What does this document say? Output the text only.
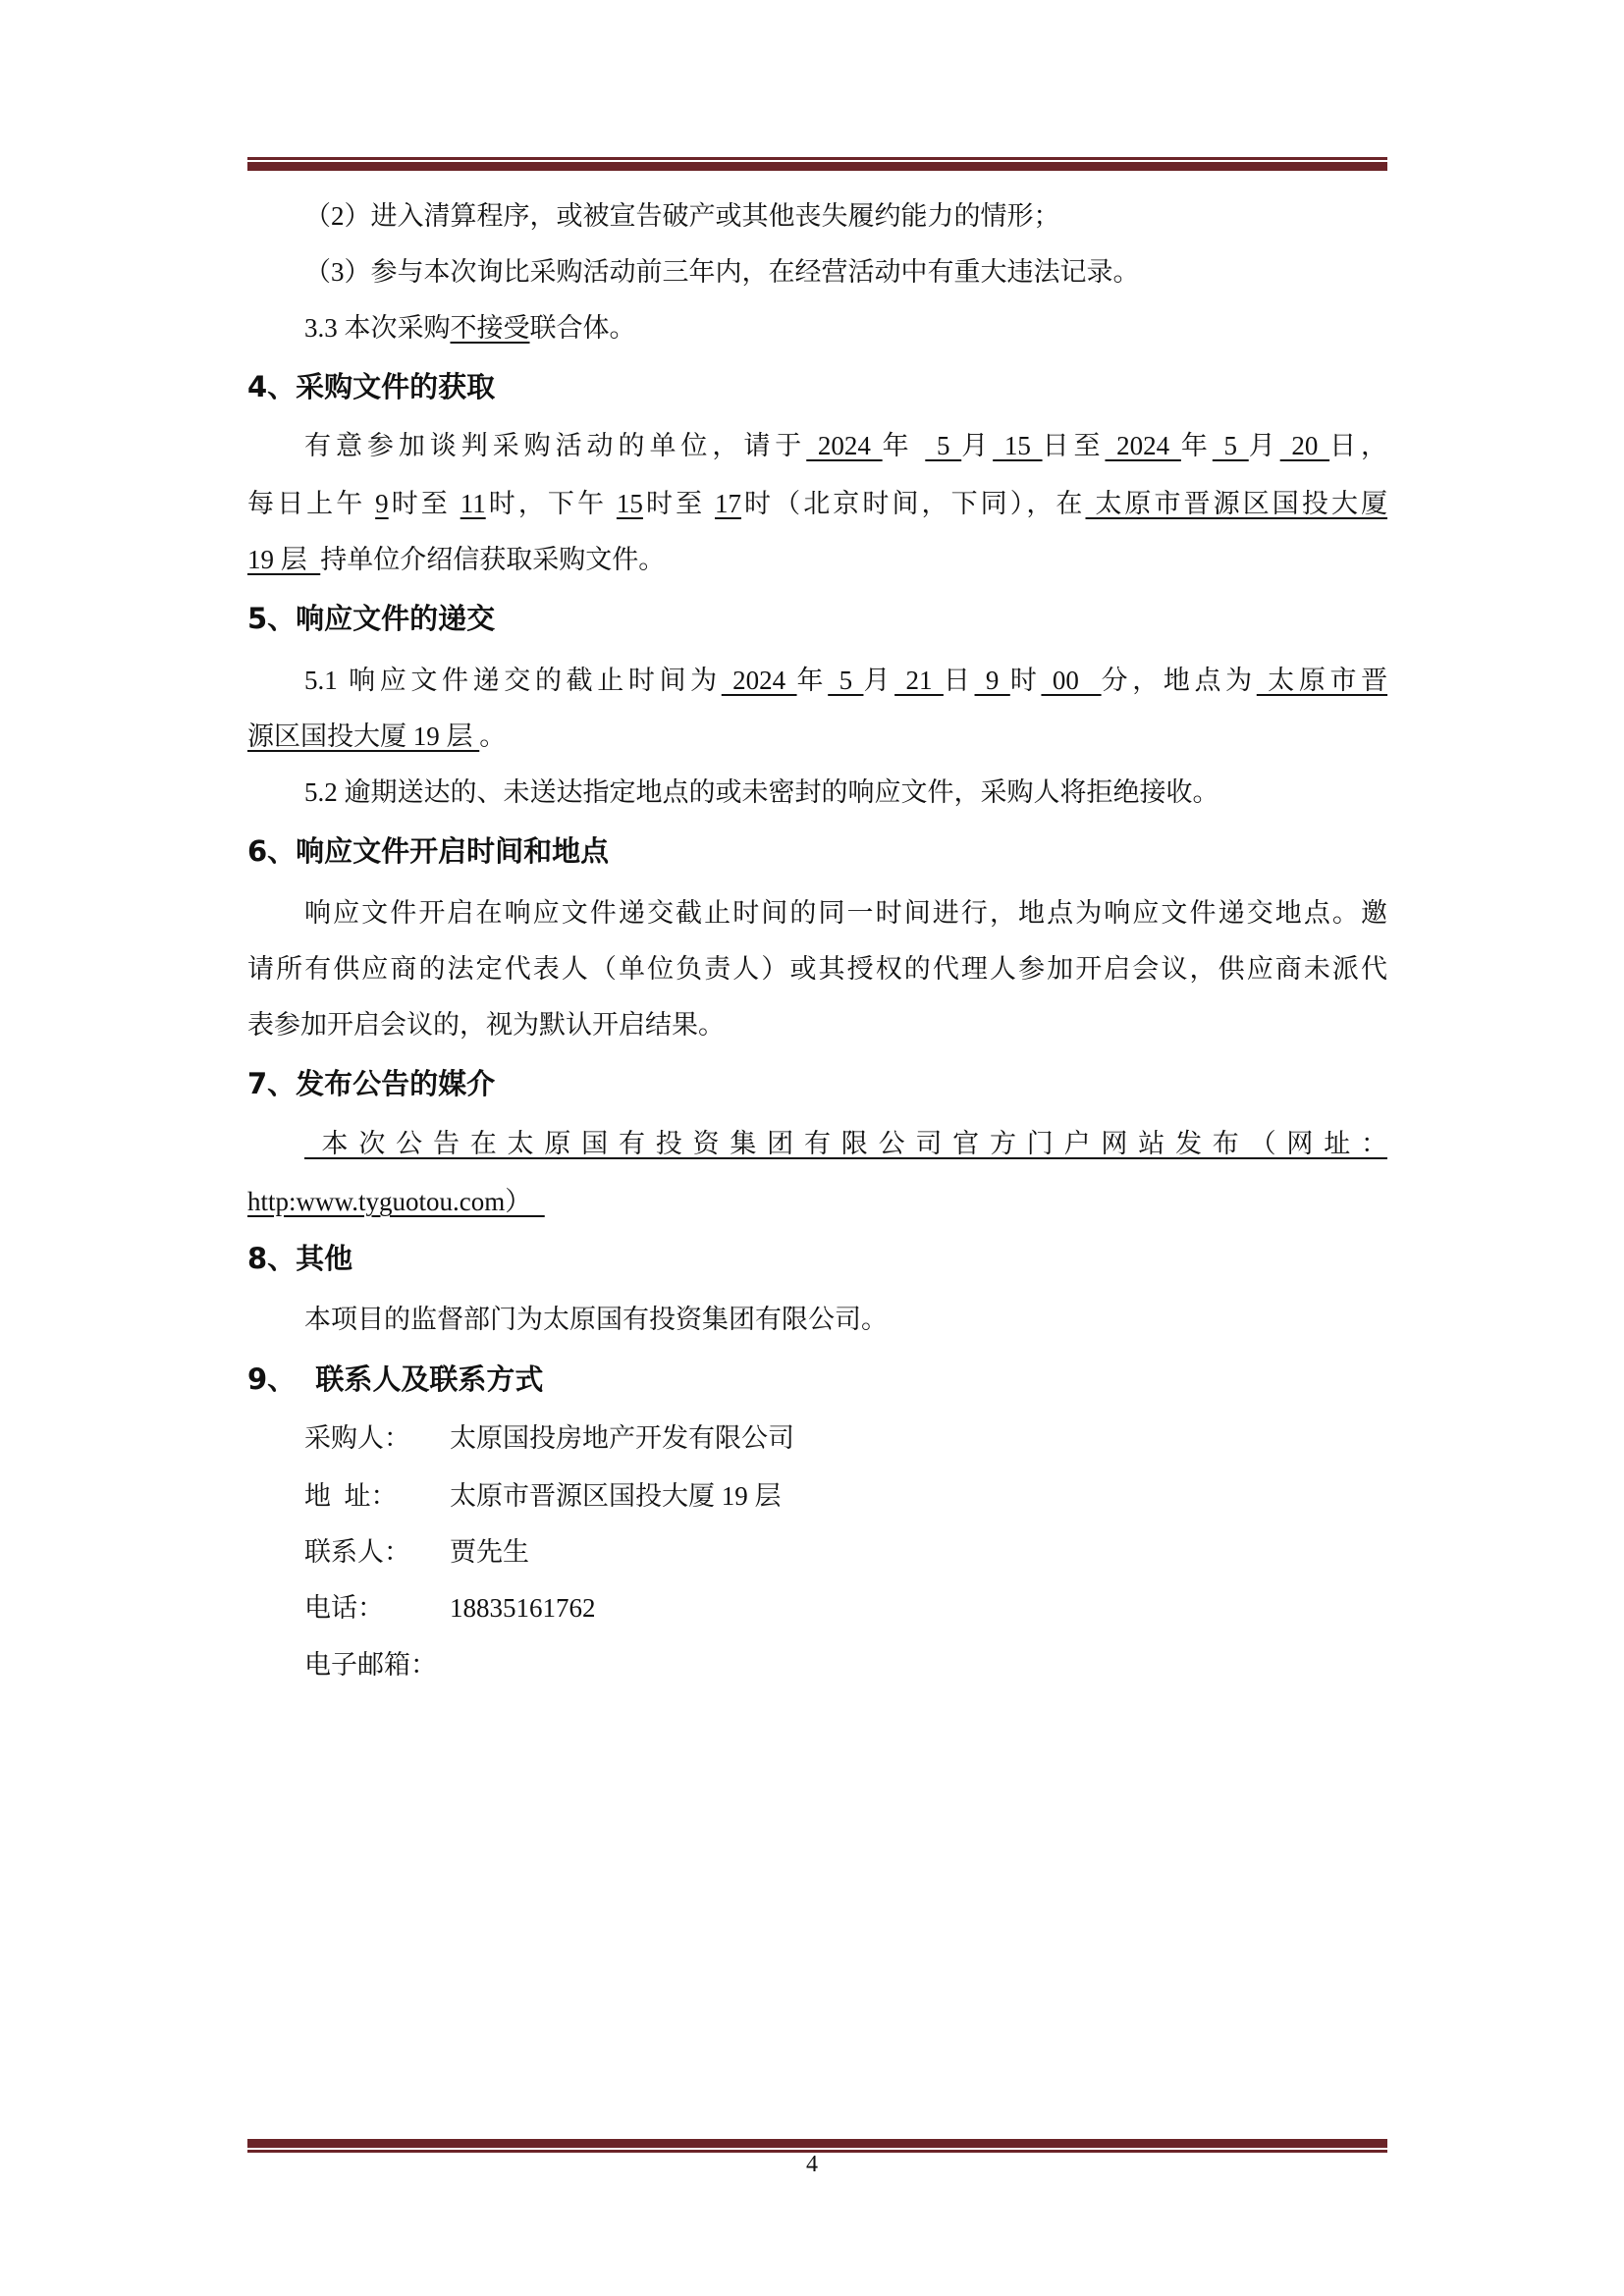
（2）进入清算程序，或被宣告破产或其他丧失履约能力的情形；
（3）参与本次询比采购活动前三年内，在经营活动中有重大违法记录。
3.3 本次采购不接受联合体。
4、采购文件的获取
有意参加谈判采购活动的单位，请于 2024 年  5 月 15 日至 2024 年 5 月 20 日，
每日上午 9时至 11时，下午 15时至 17时（北京时间，下同），在 太原市晋源区国投大厦
19 层  持单位介绍信获取采购文件。
5、响应文件的递交
5.1 响应文件递交的截止时间为 2024 年 5 月 21 日 9 时 00  分，地点为 太原市晋
源区国投大厦 19 层 。
5.2 逾期送达的、未送达指定地点的或未密封的响应文件，采购人将拒绝接收。
6、响应文件开启时间和地点
响应文件开启在响应文件递交截止时间的同一时间进行，地点为响应文件递交地点。邀
请所有供应商的法定代表人（单位负责人）或其授权的代理人参加开启会议，供应商未派代
表参加开启会议的，视为默认开启结果。
7、发布公告的媒介
本次公告在太原国有投资集团有限公司官方门户网站发布（网址：
http:www.tyguotou.com）
8、其他
本项目的监督部门为太原国有投资集团有限公司。
9、  联系人及联系方式
采购人： 太原国投房地产开发有限公司
地  址： 太原市晋源区国投大厦 19 层
联系人： 贾先生
电话： 18835161762
电子邮箱：
4
